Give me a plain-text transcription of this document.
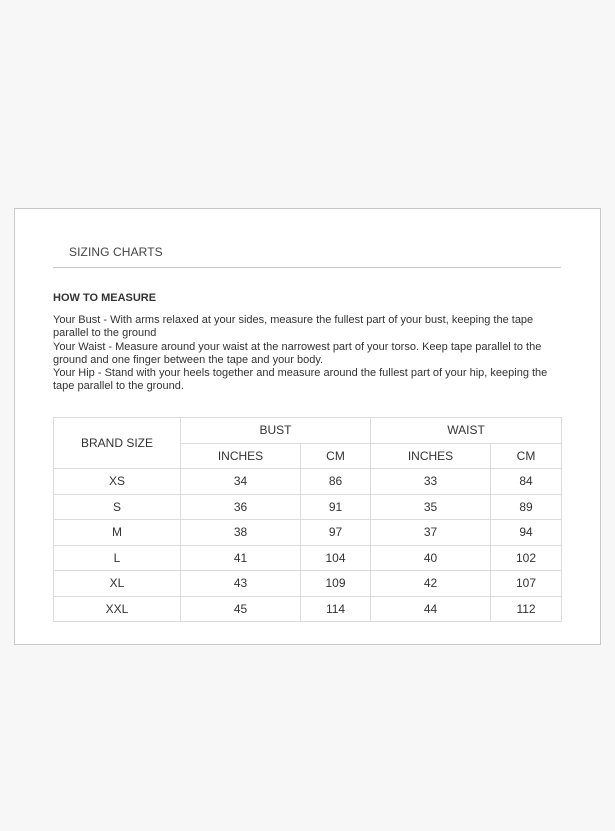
SIZING CHARTS
HOW TO MEASURE

Your Bust - With arms relaxed at your sides, measure the fullest part of your bust, keeping the tape parallel to the ground

Your Waist - Measure around your waist at the narrowest part of your torso. Keep tape parallel to the ground and one finger between the tape and your body.

Your Hip - Stand with your heels together and measure around the fullest part of your hip, keeping the tape parallel to the ground.

BRAND SIZE	BUST		WAIST	
	INCHES	CM	INCHES	CM
XS	34	86	33	84
S	36	91	35	89
M	38	97	37	94
L	41	104	40	102
XL	43	109	42	107
XXL	45	114	44	112
